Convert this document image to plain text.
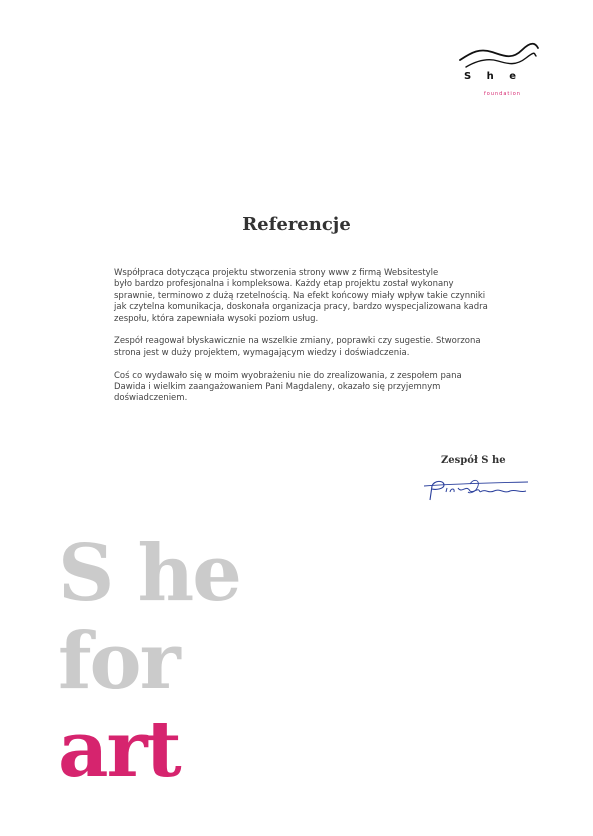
S h e
foundation
Referencje

Współpraca dotycząca projektu stworzenia strony www z firmą Websitestyle
było bardzo profesjonalna i kompleksowa. Każdy etap projektu został wykonany
sprawnie, terminowo z dużą rzetelnością. Na efekt końcowy miały wpływ takie czynniki
jak czytelna komunikacja, doskonała organizacja pracy, bardzo wyspecjalizowana kadra
zespołu, która zapewniała wysoki poziom usług.

Zespół reagował błyskawicznie na wszelkie zmiany, poprawki czy sugestie. Stworzona
strona jest w duży projektem, wymagającym wiedzy i doświadczenia.

Coś co wydawało się w moim wyobrażeniu nie do zrealizowania, z zespołem pana
Dawida i wielkim zaangażowaniem Pani Magdaleny, okazało się przyjemnym
doświadczeniem.

Zespół S he
S he
for
art
